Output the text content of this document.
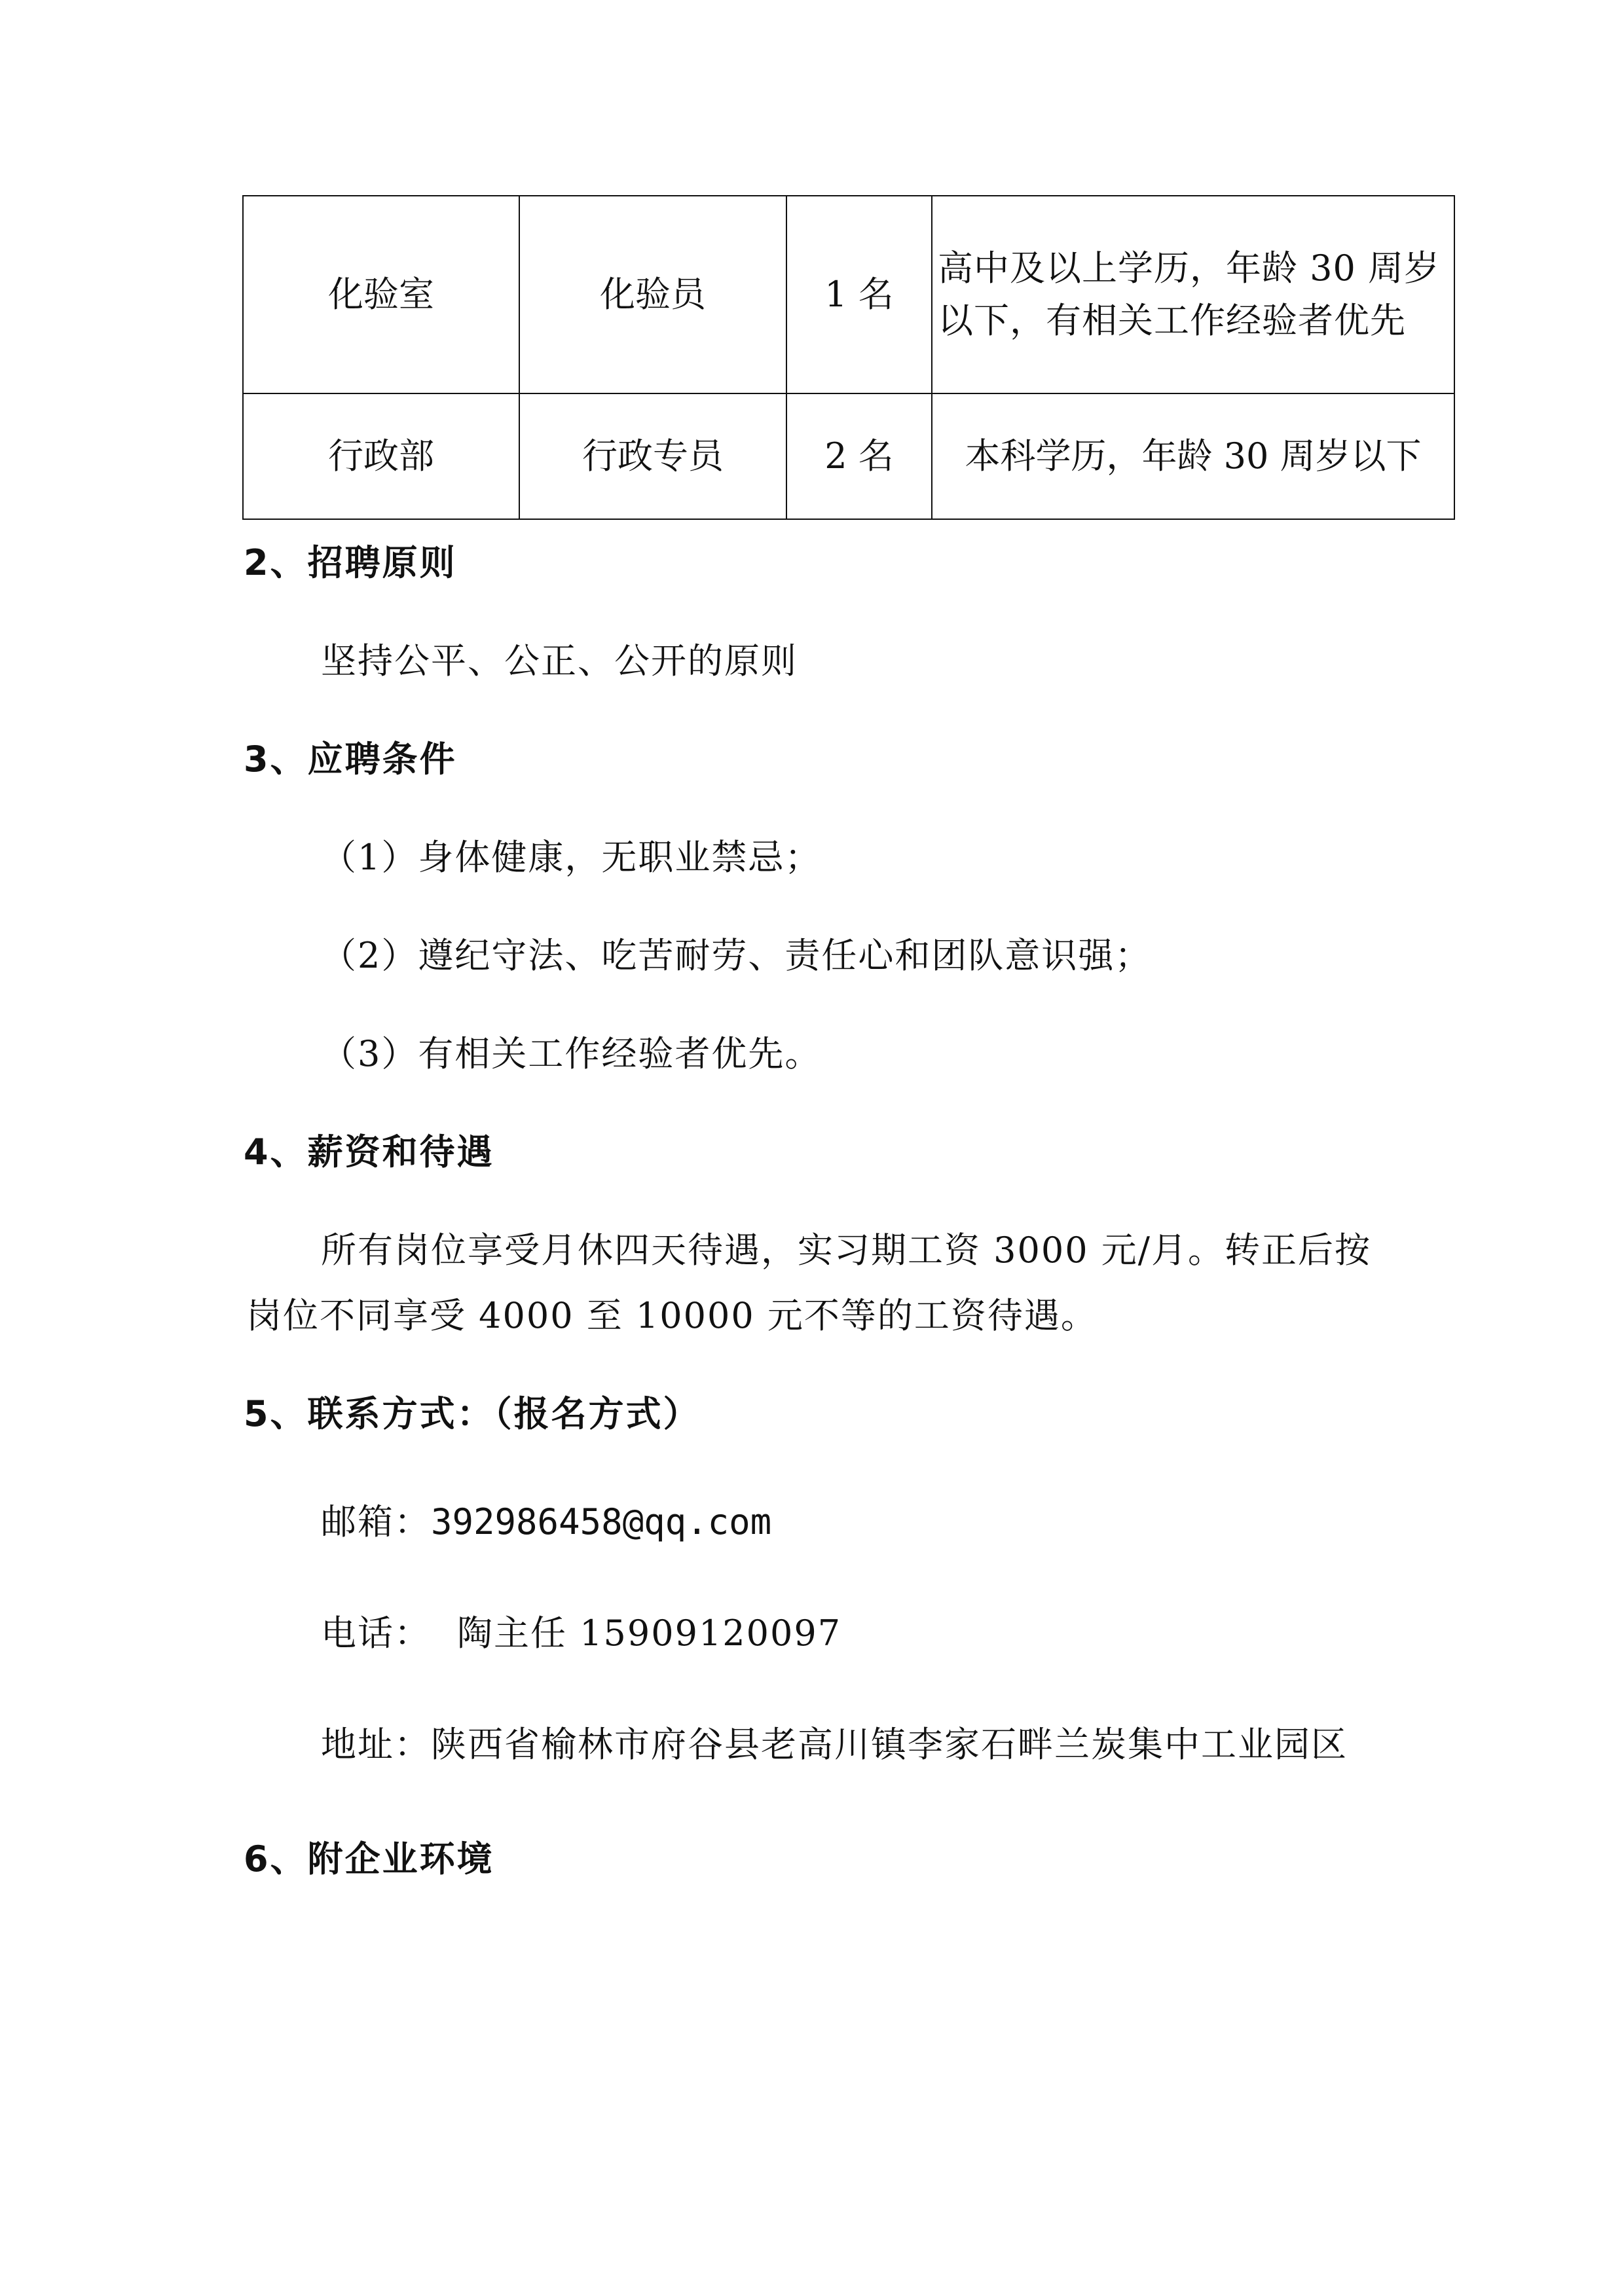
化验室	化验员	1 名	高中及以上学历，年龄 30 周岁
以下，有相关工作经验者优先

行政部	行政专员	2 名	本科学历，年龄 30 周岁以下
2、招聘原则
坚持公平、公正、公开的原则
3、应聘条件
（1）身体健康，无职业禁忌；
（2）遵纪守法、吃苦耐劳、责任心和团队意识强；
（3）有相关工作经验者优先。
4、薪资和待遇
所有岗位享受月休四天待遇，实习期工资 3000 元/月。转正后按
岗位不同享受 4000 至 10000 元不等的工资待遇。
5、联系方式：（报名方式）
邮箱：392986458@qq.com
电话： 陶主任 15909120097
地址：陕西省榆林市府谷县老高川镇李家石畔兰炭集中工业园区
6、附企业环境
